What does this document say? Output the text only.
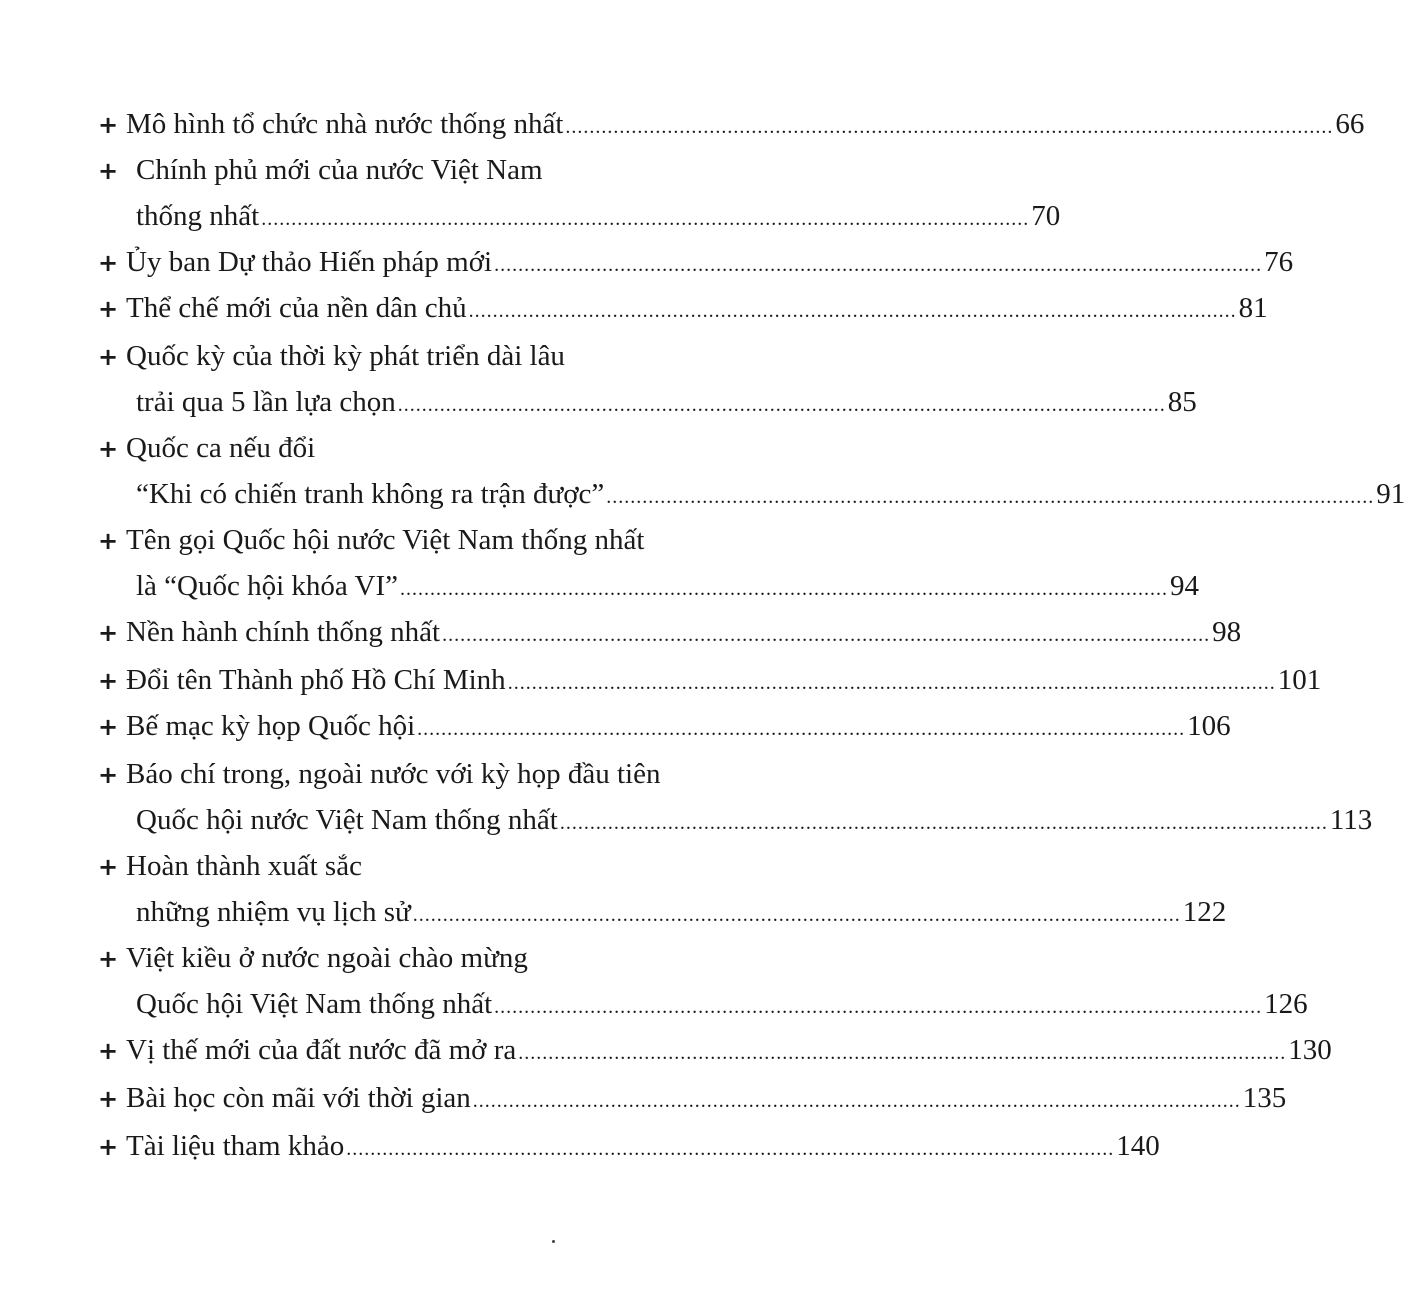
+ Mô hình tổ chức nhà nước thống nhất ................................................................................................................................ 66
+ Chính phủ mới của nước Việt Nam
thống nhất ................................................................................................................................ 70
+ Ủy ban Dự thảo Hiến pháp mới ................................................................................................................................ 76
+ Thể chế mới của nền dân chủ ................................................................................................................................ 81
+ Quốc kỳ của thời kỳ phát triển dài lâu
trải qua 5 lần lựa chọn ................................................................................................................................ 85
+ Quốc ca nếu đổi
“Khi có chiến tranh không ra trận được” ................................................................................................................................ 91
+ Tên gọi Quốc hội nước Việt Nam thống nhất
là “Quốc hội khóa VI” ................................................................................................................................ 94
+ Nền hành chính thống nhất ................................................................................................................................ 98
+ Đổi tên Thành phố Hồ Chí Minh ................................................................................................................................ 101
+ Bế mạc kỳ họp Quốc hội ................................................................................................................................ 106
+ Báo chí trong, ngoài nước với kỳ họp đầu tiên
Quốc hội nước Việt Nam thống nhất ................................................................................................................................ 113
+ Hoàn thành xuất sắc
những nhiệm vụ lịch sử ................................................................................................................................ 122
+ Việt kiều ở nước ngoài chào mừng
Quốc hội Việt Nam thống nhất ................................................................................................................................ 126
+ Vị thế mới của đất nước đã mở ra ................................................................................................................................ 130
+ Bài học còn mãi với thời gian ................................................................................................................................ 135
+ Tài liệu tham khảo ................................................................................................................................ 140
